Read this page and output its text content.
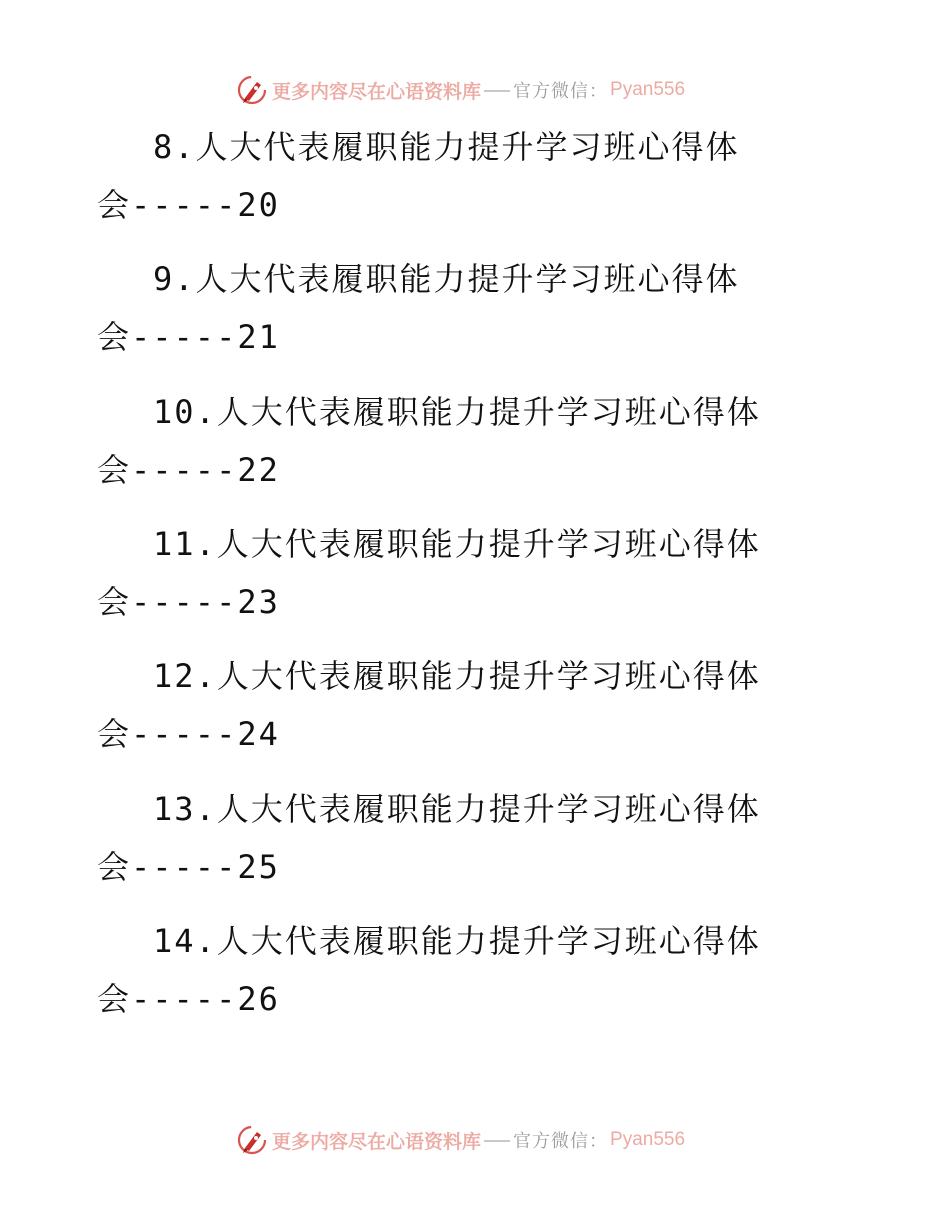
更多内容尽在心语资料库 官方微信： Pyan556
8.人大代表履职能力提升学习班心得体
会-----20
9.人大代表履职能力提升学习班心得体
会-----21
10.人大代表履职能力提升学习班心得体
会-----22
11.人大代表履职能力提升学习班心得体
会-----23
12.人大代表履职能力提升学习班心得体
会-----24
13.人大代表履职能力提升学习班心得体
会-----25
14.人大代表履职能力提升学习班心得体
会-----26
更多内容尽在心语资料库 官方微信： Pyan556
